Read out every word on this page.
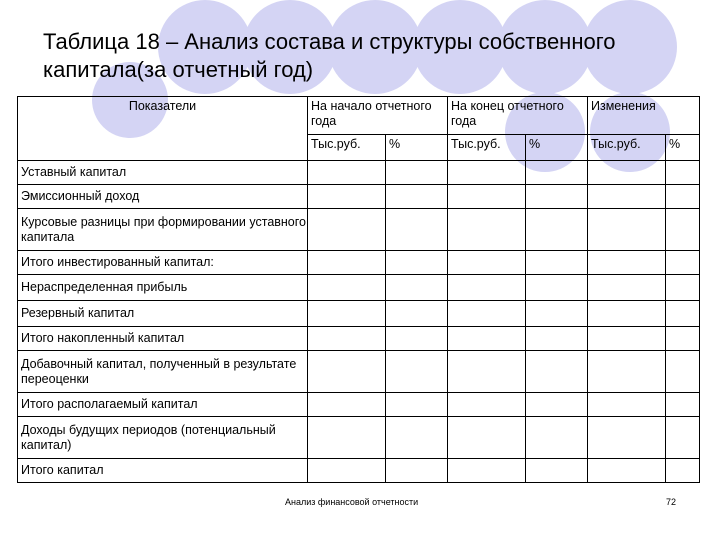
Таблица 18 – Анализ состава и структуры собственного капитала(за отчетный год)
Показатели	На начало отчетного года		На конец отчетного года		Изменения	
	Тыс.руб.	%	Тыс.руб.	%	Тыс.руб.	%
Уставный капитал						
Эмиссионный доход						
Курсовые разницы при формировании уставного капитала						
Итого инвестированный капитал:						
Нераспределенная прибыль						
Резервный капитал						
Итого накопленный капитал						
Добавочный капитал, полученный в результате переоценки						
Итого располагаемый капитал						
Доходы будущих периодов (потенциальный капитал)						
Итого капитал						
Анализ финансовой отчетности	72
